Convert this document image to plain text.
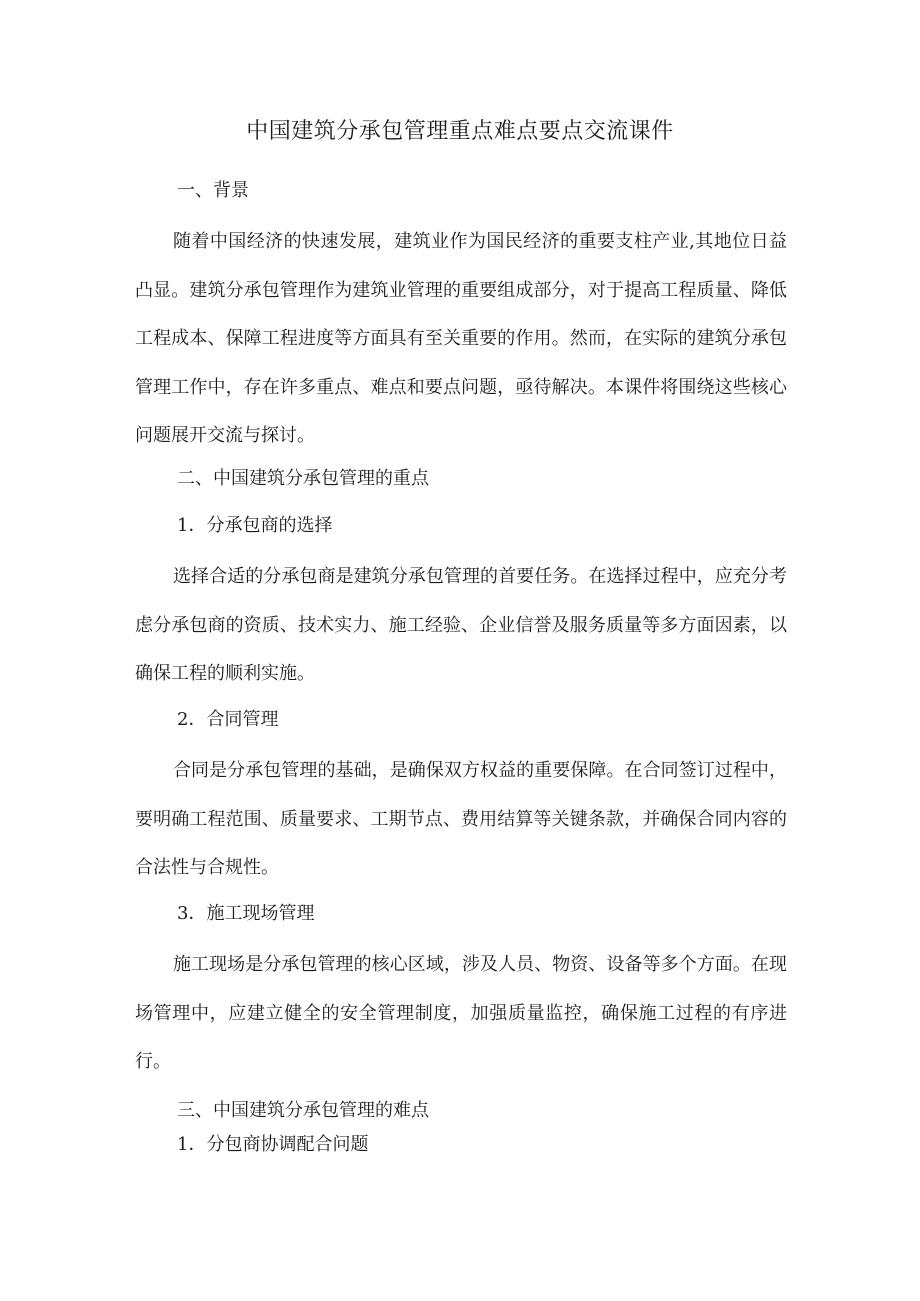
中国建筑分承包管理重点难点要点交流课件
一、背景

随着中国经济的快速发展，建筑业作为国民经济的重要支柱产业,其地位日益凸显。建筑分承包管理作为建筑业管理的重要组成部分，对于提高工程质量、降低工程成本、保障工程进度等方面具有至关重要的作用。然而，在实际的建筑分承包管理工作中，存在许多重点、难点和要点问题，亟待解决。本课件将围绕这些核心问题展开交流与探讨。

二、中国建筑分承包管理的重点
1．分承包商的选择

选择合适的分承包商是建筑分承包管理的首要任务。在选择过程中，应充分考虑分承包商的资质、技术实力、施工经验、企业信誉及服务质量等多方面因素，以确保工程的顺利实施。

2．合同管理

合同是分承包管理的基础，是确保双方权益的重要保障。在合同签订过程中，要明确工程范围、质量要求、工期节点、费用结算等关键条款，并确保合同内容的合法性与合规性。

3．施工现场管理

施工现场是分承包管理的核心区域，涉及人员、物资、设备等多个方面。在现场管理中，应建立健全的安全管理制度，加强质量监控，确保施工过程的有序进行。

三、中国建筑分承包管理的难点
1．分包商协调配合问题
